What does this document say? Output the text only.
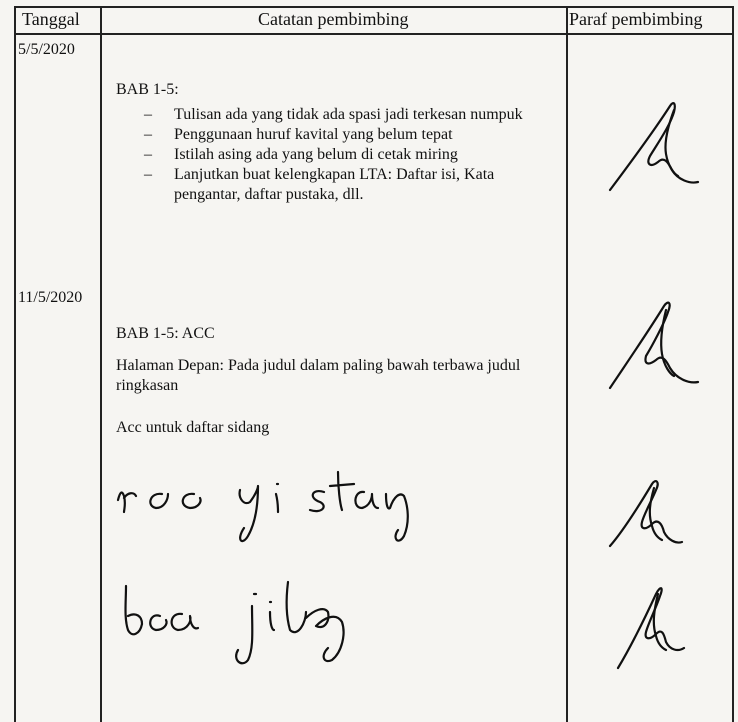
Tanggal	Catatan pembimbing	Paraf pembimbing
5/5/2020
BAB 1-5:
– Tulisan ada yang tidak ada spasi jadi terkesan numpuk
– Penggunaan huruf kavital yang belum tepat
– Istilah asing ada yang belum di cetak miring
– Lanjutkan buat kelengkapan LTA: Daftar isi, Kata pengantar, daftar pustaka, dll.
11/5/2020
BAB 1-5: ACC
Halaman Depan: Pada judul dalam paling bawah terbawa judul ringkasan
Acc untuk daftar sidang
